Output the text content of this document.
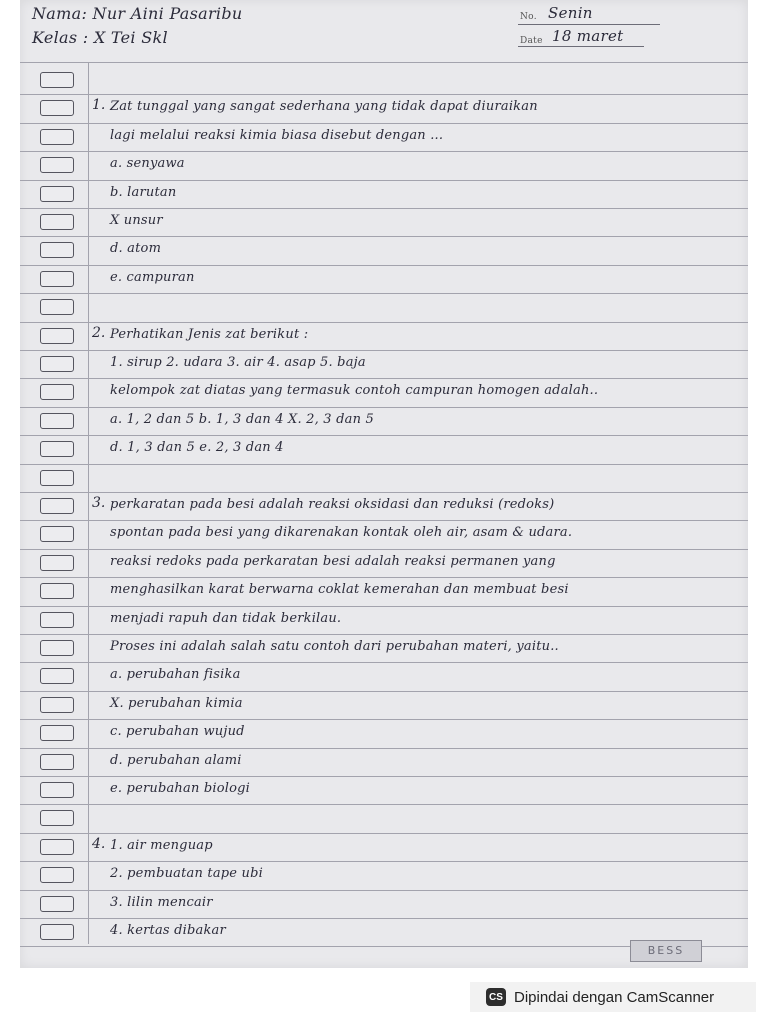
Nama: Nur Aini Pasaribu
Kelas : X Tei Skl
No. Senin
Date 18 maret
1. Zat tunggal yang sangat sederhana yang tidak dapat diuraikan
lagi melalui reaksi kimia biasa disebut dengan ...
a. senyawa
b. larutan
X unsur
d. atom
e. campuran
2. Perhatikan Jenis zat berikut :
1. sirup 2. udara 3. air 4. asap 5. baja
kelompok zat diatas yang termasuk contoh campuran homogen adalah..
a. 1, 2 dan 5 b. 1, 3 dan 4 X. 2, 3 dan 5
d. 1, 3 dan 5 e. 2, 3 dan 4
3. perkaratan pada besi adalah reaksi oksidasi dan reduksi (redoks)
spontan pada besi yang dikarenakan kontak oleh air, asam & udara.
reaksi redoks pada perkaratan besi adalah reaksi permanen yang
menghasilkan karat berwarna coklat kemerahan dan membuat besi
menjadi rapuh dan tidak berkilau.
Proses ini adalah salah satu contoh dari perubahan materi, yaitu..
a. perubahan fisika
X. perubahan kimia
c. perubahan wujud
d. perubahan alami
e. perubahan biologi
4. 1. air menguap
2. pembuatan tape ubi
3. lilin mencair
4. kertas dibakar
BESS
CS Dipindai dengan CamScanner
